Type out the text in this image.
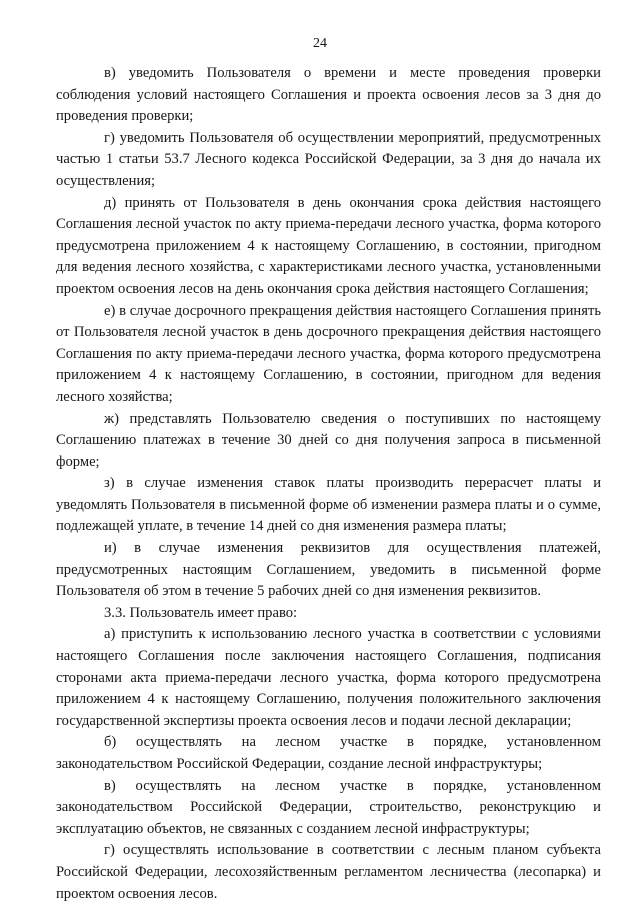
24

в) уведомить Пользователя о времени и месте проведения проверки соблюдения условий настоящего Соглашения и проекта освоения лесов за 3 дня до проведения проверки;

г) уведомить Пользователя об осуществлении мероприятий, предусмотренных частью 1 статьи 53.7 Лесного кодекса Российской Федерации, за 3 дня до начала их осуществления;

д) принять от Пользователя в день окончания срока действия настоящего Соглашения лесной участок по акту приема-передачи лесного участка, форма которого предусмотрена приложением 4 к настоящему Соглашению, в состоянии, пригодном для ведения лесного хозяйства, с характеристиками лесного участка, установленными проектом освоения лесов на день окончания срока действия настоящего Соглашения;

е) в случае досрочного прекращения действия настоящего Соглашения принять от Пользователя лесной участок в день досрочного прекращения действия настоящего Соглашения по акту приема-передачи лесного участка, форма которого предусмотрена приложением 4 к настоящему Соглашению, в состоянии, пригодном для ведения лесного хозяйства;

ж) представлять Пользователю сведения о поступивших по настоящему Соглашению платежах в течение 30 дней со дня получения запроса в письменной форме;

з) в случае изменения ставок платы производить перерасчет платы и уведомлять Пользователя в письменной форме об изменении размера платы и о сумме, подлежащей уплате, в течение 14 дней со дня изменения размера платы;

и) в случае изменения реквизитов для осуществления платежей, предусмотренных настоящим Соглашением, уведомить в письменной форме Пользователя об этом в течение 5 рабочих дней со дня изменения реквизитов.

3.3. Пользователь имеет право:

а) приступить к использованию лесного участка в соответствии с условиями настоящего Соглашения после заключения настоящего Соглашения, подписания сторонами акта приема-передачи лесного участка, форма которого предусмотрена приложением 4 к настоящему Соглашению, получения положительного заключения государственной экспертизы проекта освоения лесов и подачи лесной декларации;

б) осуществлять на лесном участке в порядке, установленном законодательством Российской Федерации, создание лесной инфраструктуры;

в) осуществлять на лесном участке в порядке, установленном законодательством Российской Федерации, строительство, реконструкцию и эксплуатацию объектов, не связанных с созданием лесной инфраструктуры;

г) осуществлять использование в соответствии с лесным планом субъекта Российской Федерации, лесохозяйственным регламентом лесничества (лесопарка) и проектом освоения лесов.
